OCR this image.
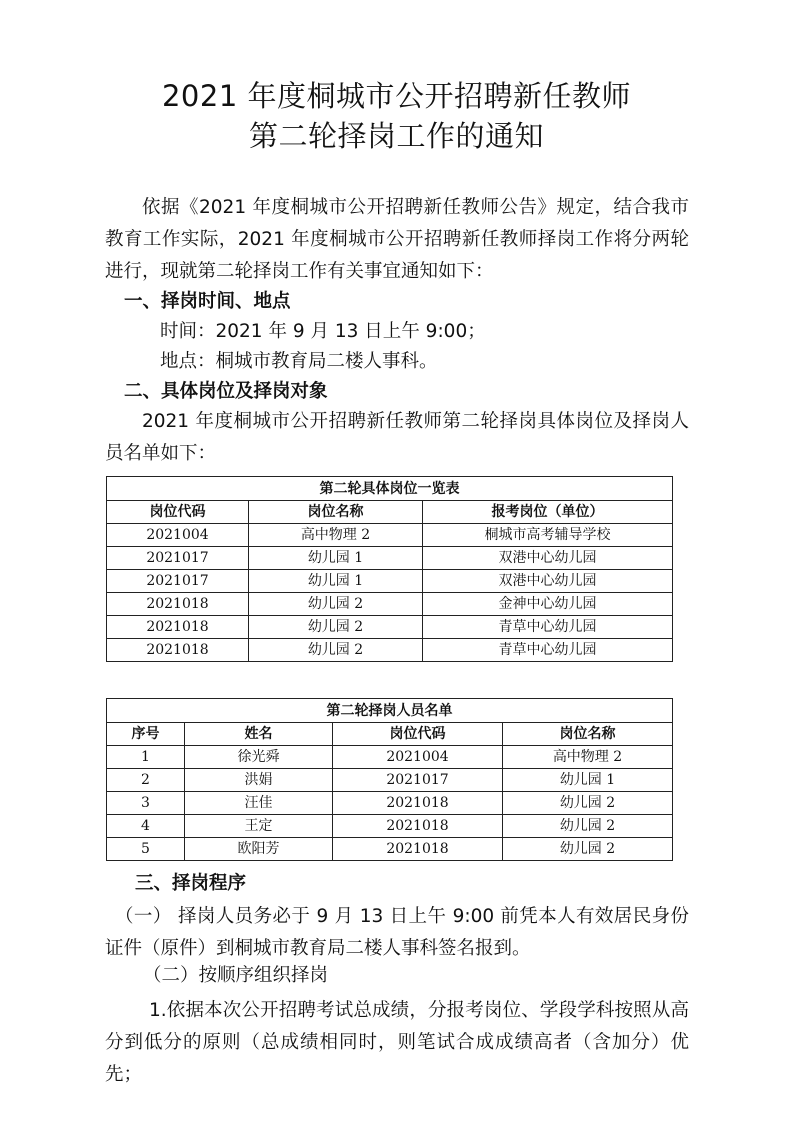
2021 年度桐城市公开招聘新任教师
第二轮择岗工作的通知

依据《2021 年度桐城市公开招聘新任教师公告》规定，结合我市教育工作实际，2021 年度桐城市公开招聘新任教师择岗工作将分两轮进行，现就第二轮择岗工作有关事宜通知如下：

一、择岗时间、地点
时间：2021 年 9 月 13 日上午 9:00；
地点：桐城市教育局二楼人事科。
二、具体岗位及择岗对象

2021 年度桐城市公开招聘新任教师第二轮择岗具体岗位及择岗人员名单如下：

第二轮具体岗位一览表		
岗位代码	岗位名称	报考岗位（单位）
2021004	高中物理 2	桐城市高考辅导学校
2021017	幼儿园 1	双港中心幼儿园
2021017	幼儿园 1	双港中心幼儿园
2021018	幼儿园 2	金神中心幼儿园
2021018	幼儿园 2	青草中心幼儿园
2021018	幼儿园 2	青草中心幼儿园
第二轮择岗人员名单			
序号	姓名	岗位代码	岗位名称
1	徐光舜	2021004	高中物理 2
2	洪娟	2021017	幼儿园 1
3	汪佳	2021018	幼儿园 2
4	王定	2021018	幼儿园 2
5	欧阳芳	2021018	幼儿园 2
三、择岗程序

（一） 择岗人员务必于 9 月 13 日上午 9:00 前凭本人有效居民身份证件（原件）到桐城市教育局二楼人事科签名报到。

（二）按顺序组织择岗

1.依据本次公开招聘考试总成绩，分报考岗位、学段学科按照从高分到低分的原则（总成绩相同时，则笔试合成成绩高者（含加分）优先；
